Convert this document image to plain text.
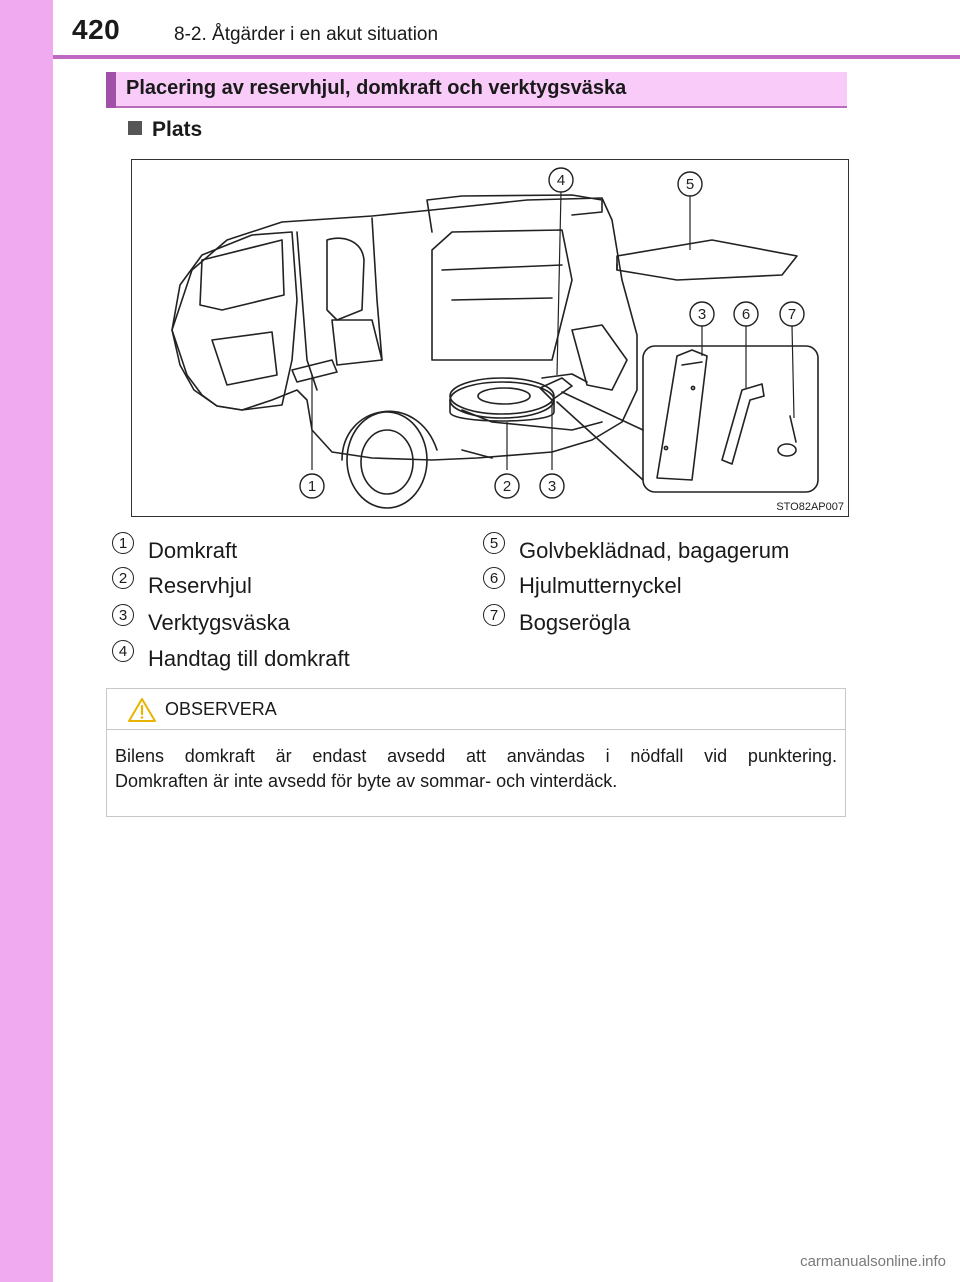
420	8-2. Åtgärder i en akut situation
Placering av reservhjul, domkraft och verktygsväska
Plats
1	2 3
4	5
3 6	7
STO82AP007
1 Domkraft
2 Reservhjul
3 Verktygsväska
4 Handtag till domkraft
5 Golvbeklädnad, bagagerum
6 Hjulmutternyckel
7 Bogserögla
OBSERVERA
Bilens domkraft är endast avsedd att användas i nödfall vid punktering.
Domkraften är inte avsedd för byte av sommar- och vinterdäck.
carmanualsonline.info
